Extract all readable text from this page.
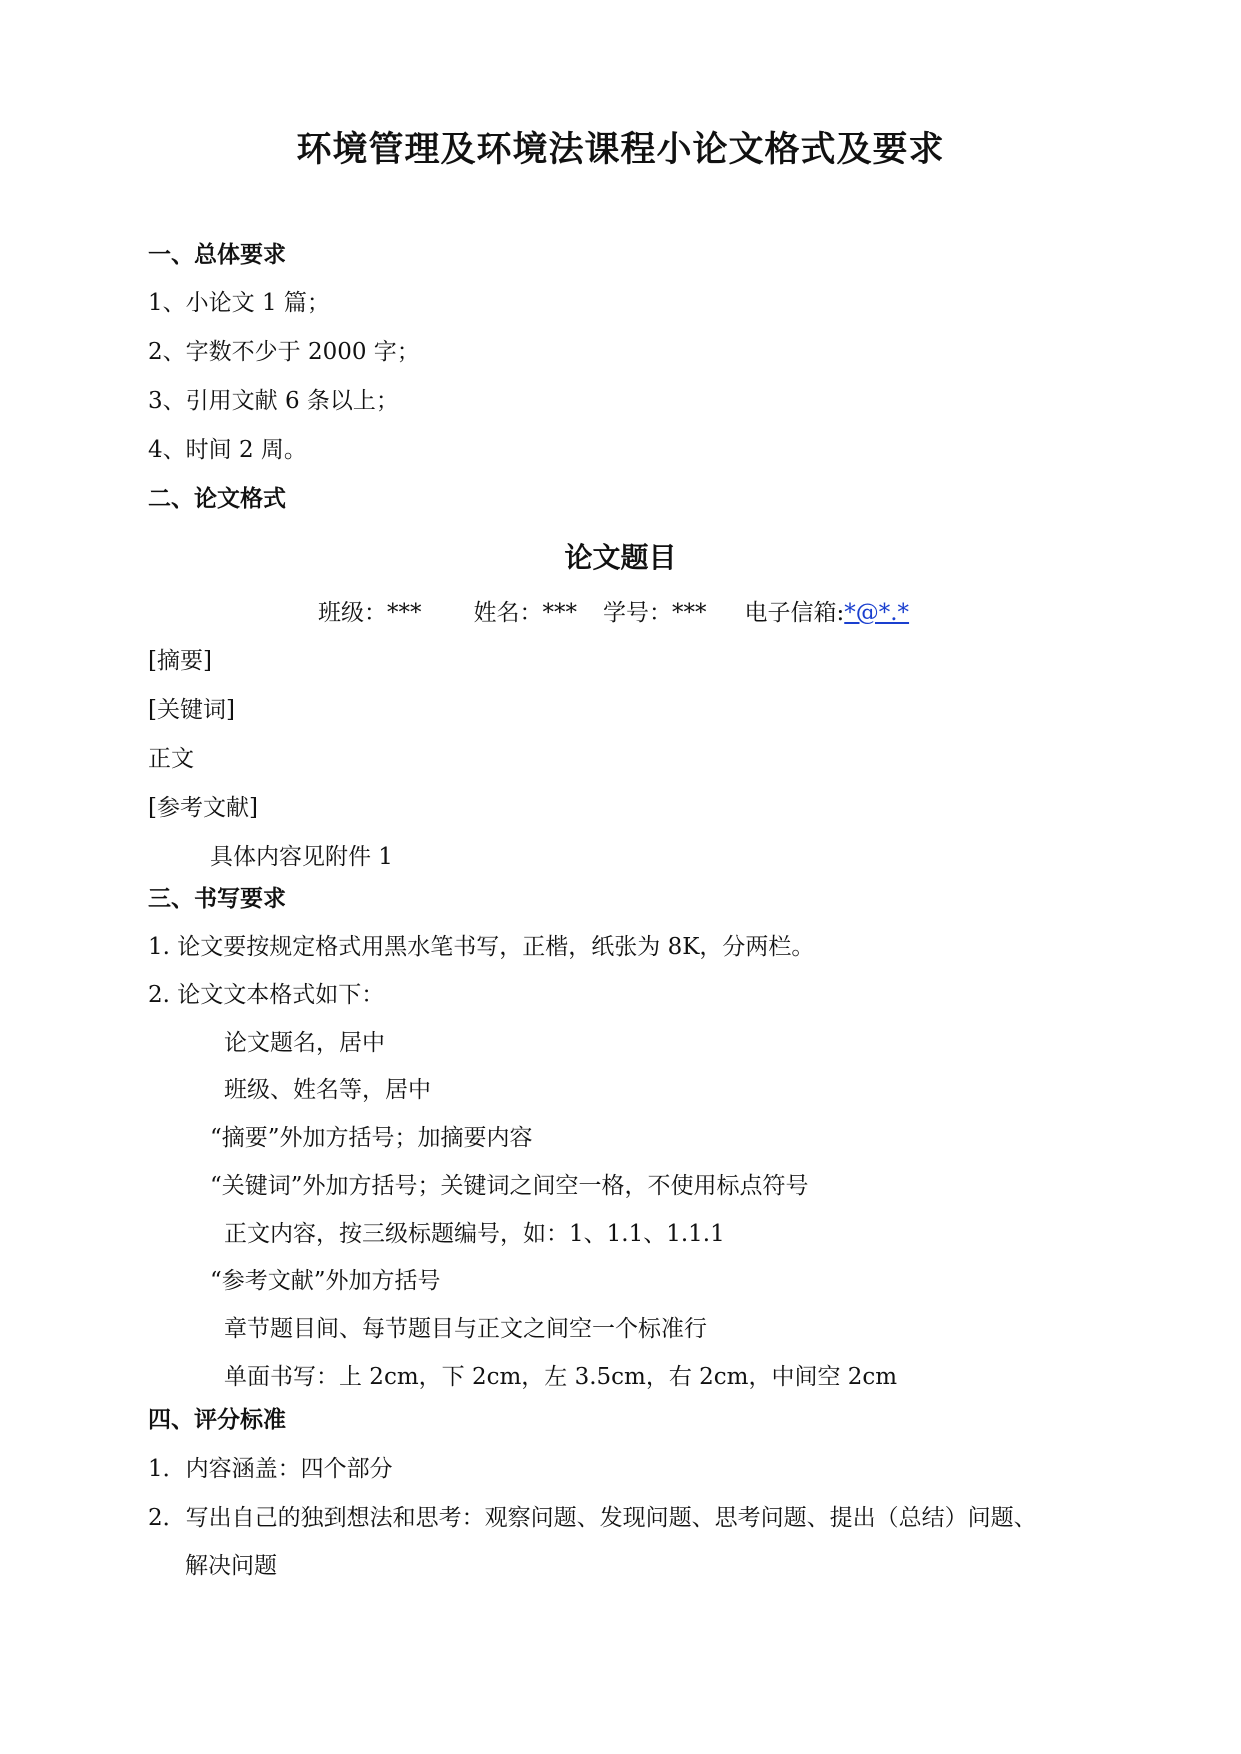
环境管理及环境法课程小论文格式及要求
一、总体要求
1、小论文 1 篇；
2、字数不少于 2000 字；
3、引用文献 6 条以上；
4、时间 2 周。
二、论文格式
论文题目
班级：*** 姓名：*** 学号：*** 电子信箱:*@*.*
[摘要]
[关键词]
正文
[参考文献]
具体内容见附件 1
三、书写要求
1. 论文要按规定格式用黑水笔书写，正楷，纸张为 8K，分两栏。
2. 论文文本格式如下：
论文题名，居中
班级、姓名等，居中
“摘要”外加方括号；加摘要内容
“关键词”外加方括号；关键词之间空一格，不使用标点符号
正文内容，按三级标题编号，如：1、1.1、1.1.1
“参考文献”外加方括号
章节题目间、每节题目与正文之间空一个标准行
单面书写：上 2cm，下 2cm，左 3.5cm，右 2cm，中间空 2cm
四、评分标准
1．内容涵盖：四个部分
2．写出自己的独到想法和思考：观察问题、发现问题、思考问题、提出（总结）问题、
解决问题
